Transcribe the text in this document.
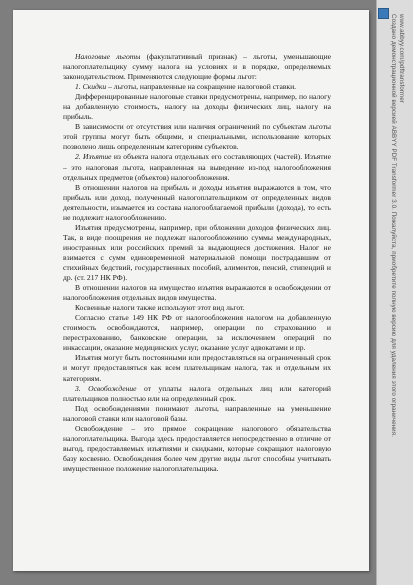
Налоговые льготы (факультативный признак) – льготы, уменьшающие налогоплательщику сумму налога на условиях и в порядке, определяемых законодательством. Применяются следующие формы льгот:

1. Скидки – льготы, направленные на сокращение налоговой ставки.

Дифференцированные налоговые ставки предусмотрены, например, по налогу на добавленную стоимость, налогу на доходы физических лиц, налогу на прибыль.

В зависимости от отсутствия или наличия ограничений по субъектам льготы этой группы могут быть общими, и специальными, использование которых позволено лишь определенным категориям субъектов.

2. Изъятие из объекта налога отдельных его составляющих (частей). Изъятие – это налоговая льгота, направленная на выведение из-под налогообложения отдельных предметов (объектов) налогообложения.

В отношении налогов на прибыль и доходы изъятия выражаются в том, что прибыль или доход, полученный налогоплательщиком от определенных видов деятельности, изымается из состава налогооблагаемой прибыли (дохода), то есть не подлежит налогообложению.

Изъятия предусмотрены, например, при обложении доходов физических лиц. Так, в виде поощрения не подлежат налогообложению суммы международных, иностранных или российских премий за выдающиеся достижения. Налог не взимается с сумм единовременной материальной помощи пострадавшим от стихийных бедствий, государственных пособий, алиментов, пенсий, стипендий и др. (ст. 217 НК РФ).

В отношении налогов на имущество изъятия выражаются в освобождении от налогообложения отдельных видов имущества.

Косвенные налоги также используют этот вид льгот.

Согласно статье 149 НК РФ от налогообложения налогом на добавленную стоимость освобождаются, например, операции по страхованию и перестрахованию, банковские операции, за исключением операций по инкассации, оказание медицинских услуг, оказание услуг адвокатами и пр.

Изъятия могут быть постоянными или предоставляться на ограниченный срок и могут предоставляться как всем плательщикам налога, так и отдельным их категориям.

3. Освобождение от уплаты налога отдельных лиц или категорий плательщиков полностью или на определенный срок.

Под освобождениями понимают льготы, направленные на уменьшение налоговой ставки или налоговой базы.

Освобождение – это прямое сокращение налогового обязательства налогоплательщика. Выгода здесь предоставляется непосредственно в отличие от выгод, предоставляемых изъятиями и скидками, которые сокращают налоговую базу косвенно. Освобождения более чем другие виды льгот способны учитывать имущественное положение налогоплательщика.

Создано демонстрационной версией ABBYY PDF Transformer 3.0. Пожалуйста, приобретите полную версию для удаления этого ограничения. www.abbyy.com/pdftransformer
